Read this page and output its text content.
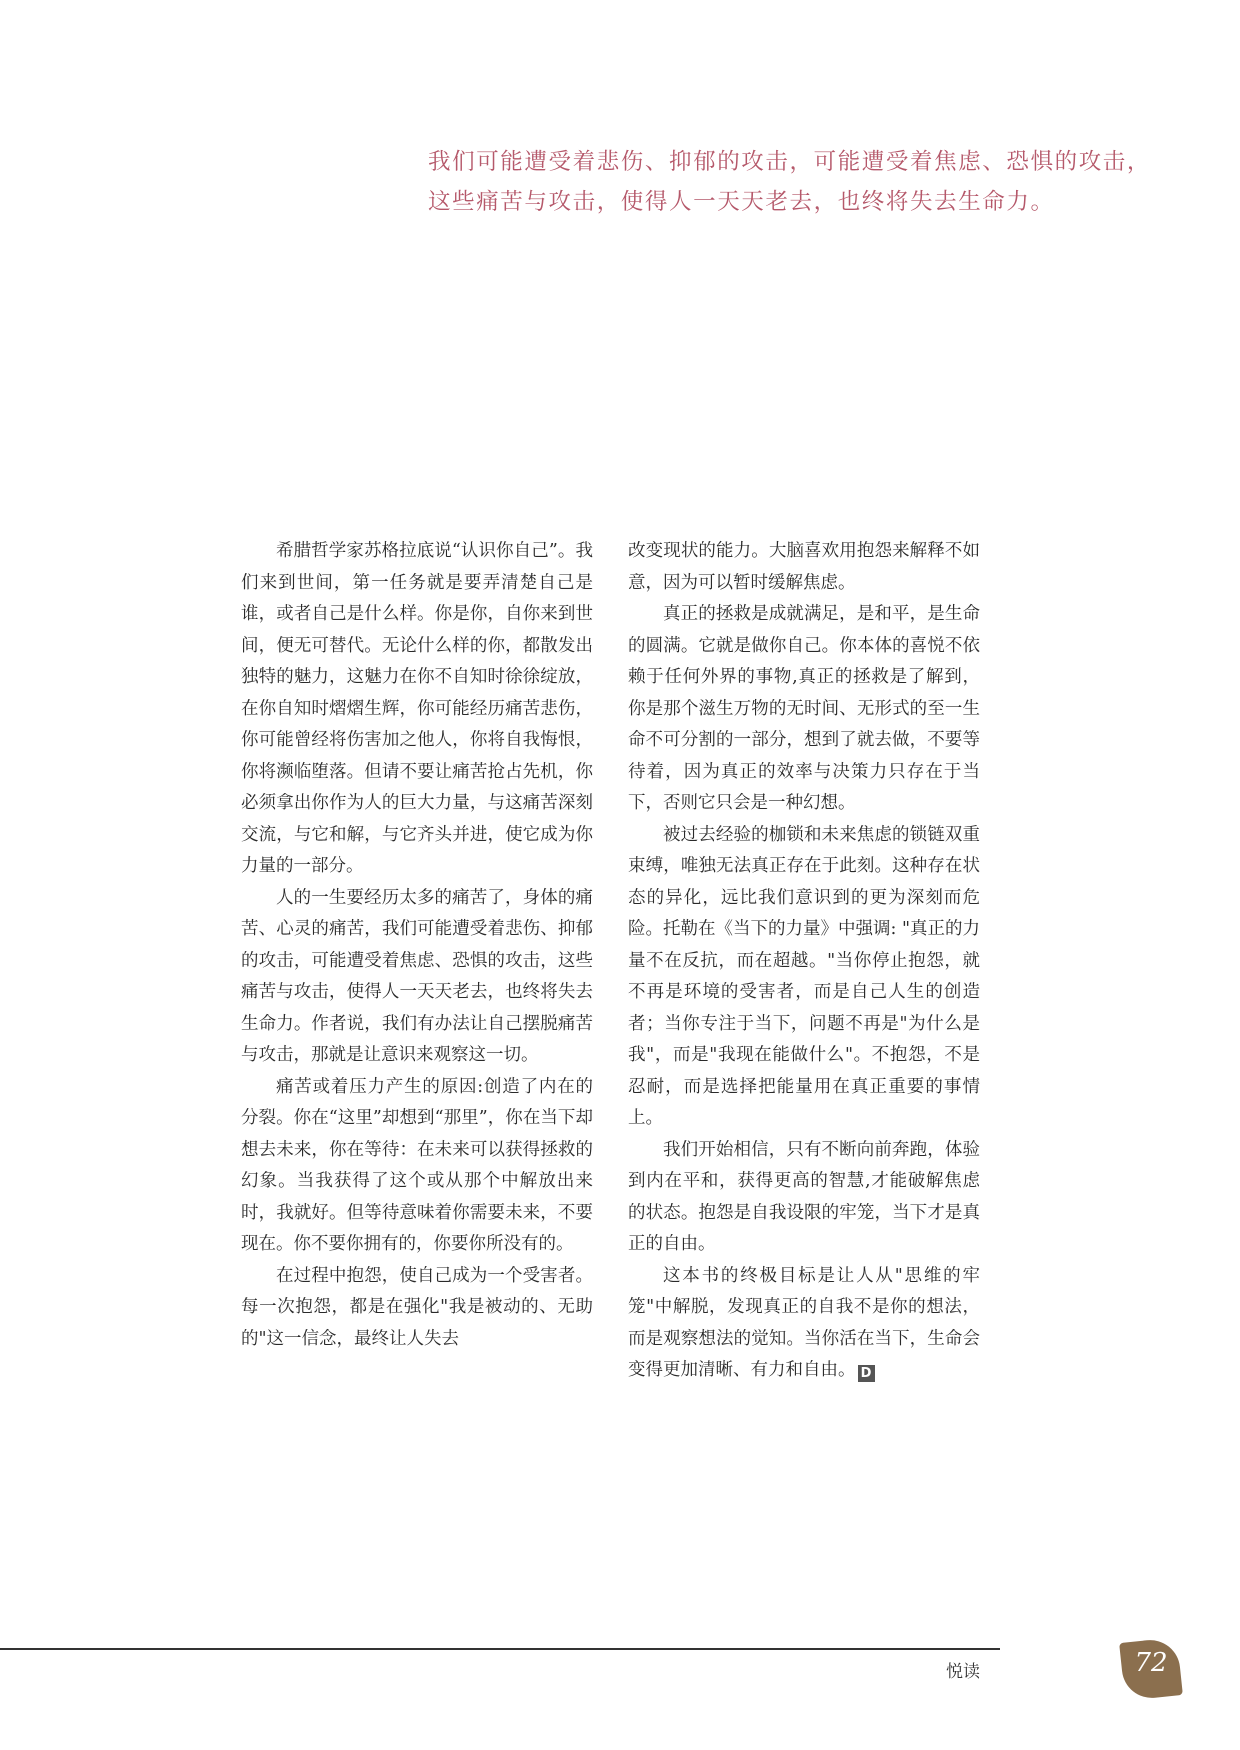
我们可能遭受着悲伤、抑郁的攻击，可能遭受着焦虑、恐惧的攻击，
这些痛苦与攻击，使得人一天天老去，也终将失去生命力。

希腊哲学家苏格拉底说“认识你自己”。我们来到世间，第一任务就是要弄清楚自己是谁，或者自己是什么样。你是你，自你来到世间，便无可替代。无论什么样的你，都散发出独特的魅力，这魅力在你不自知时徐徐绽放，在你自知时熠熠生辉，你可能经历痛苦悲伤，你可能曾经将伤害加之他人，你将自我悔恨，你将濒临堕落。但请不要让痛苦抢占先机，你必须拿出你作为人的巨大力量，与这痛苦深刻交流，与它和解，与它齐头并进，使它成为你力量的一部分。

人的一生要经历太多的痛苦了，身体的痛苦、心灵的痛苦，我们可能遭受着悲伤、抑郁的攻击，可能遭受着焦虑、恐惧的攻击，这些痛苦与攻击，使得人一天天老去，也终将失去生命力。作者说，我们有办法让自己摆脱痛苦与攻击，那就是让意识来观察这一切。

痛苦或着压力产生的原因:创造了内在的分裂。你在“这里”却想到“那里”，你在当下却想去未来，你在等待：在未来可以获得拯救的幻象。当我获得了这个或从那个中解放出来时，我就好。但等待意味着你需要未来，不要现在。你不要你拥有的，你要你所没有的。

在过程中抱怨，使自己成为一个受害者。每一次抱怨，都是在强化"我是被动的、无助的"这一信念，最终让人失去

改变现状的能力。大脑喜欢用抱怨来解释不如意，因为可以暂时缓解焦虑。

真正的拯救是成就满足，是和平，是生命的圆满。它就是做你自己。你本体的喜悦不依赖于任何外界的事物,真正的拯救是了解到，你是那个滋生万物的无时间、无形式的至一生命不可分割的一部分，想到了就去做，不要等待着，因为真正的效率与决策力只存在于当下，否则它只会是一种幻想。

被过去经验的枷锁和未来焦虑的锁链双重束缚，唯独无法真正存在于此刻。这种存在状态的异化，远比我们意识到的更为深刻而危险。托勒在《当下的力量》中强调: "真正的力量不在反抗，而在超越。"当你停止抱怨，就不再是环境的受害者，而是自己人生的创造者；当你专注于当下，问题不再是"为什么是我"，而是"我现在能做什么"。不抱怨，不是忍耐，而是选择把能量用在真正重要的事情上。

我们开始相信，只有不断向前奔跑，体验到内在平和，获得更高的智慧,才能破解焦虑的状态。抱怨是自我设限的牢笼，当下才是真正的自由。

这本书的终极目标是让人从"思维的牢笼"中解脱，发现真正的自我不是你的想法，而是观察想法的觉知。当你活在当下，生命会变得更加清晰、有力和自由。 D

悦读	72
